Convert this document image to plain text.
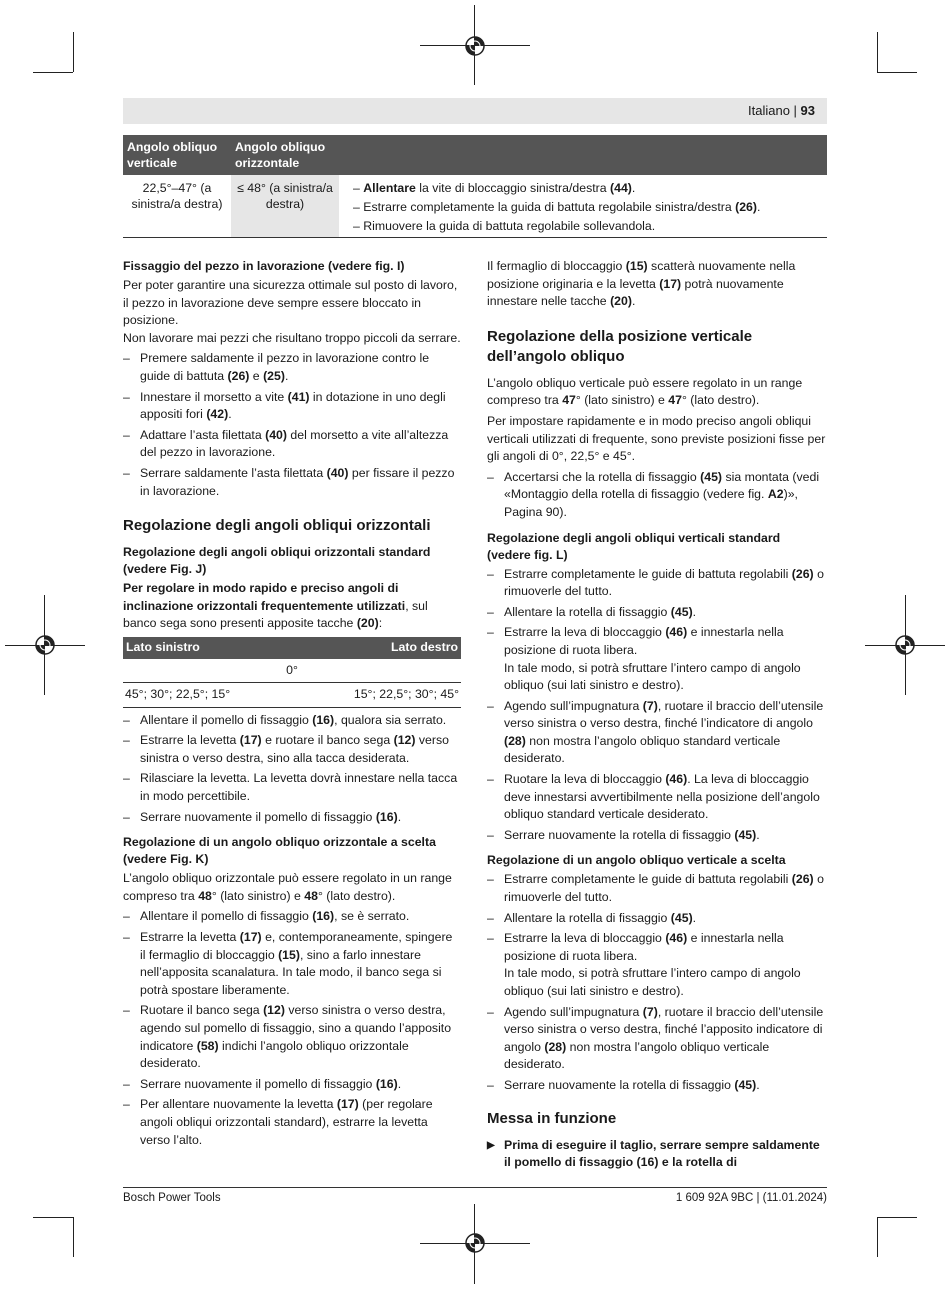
Italiano | 93
Angolo obliquo verticale	Angolo obliquo orizzontale	
22,5°–47° (a sinistra/a destra)	≤ 48° (a sinistra/a destra)	– Allentare la vite di bloccaggio sinistra/destra (44).
– Estrarre completamente la guida di battuta regolabile sinistra/destra (26).
– Rimuovere la guida di battuta regolabile sollevandola.
Fissaggio del pezzo in lavorazione (vedere fig. I)
Per poter garantire una sicurezza ottimale sul posto di lavoro, il pezzo in lavorazione deve sempre essere bloccato in posizione.
Non lavorare mai pezzi che risultano troppo piccoli da serrare.
– Premere saldamente il pezzo in lavorazione contro le guide di battuta (26) e (25).
– Innestare il morsetto a vite (41) in dotazione in uno degli appositi fori (42).
– Adattare l’asta filettata (40) del morsetto a vite all’altezza del pezzo in lavorazione.
– Serrare saldamente l’asta filettata (40) per fissare il pezzo in lavorazione.
Regolazione degli angoli obliqui orizzontali
Regolazione degli angoli obliqui orizzontali standard (vedere Fig. J)
Per regolare in modo rapido e preciso angoli di inclinazione orizzontali frequentemente utilizzati, sul banco sega sono presenti apposite tacche (20):
Lato sinistro	Lato destro
0°	
45°; 30°; 22,5°; 15°	15°; 22,5°; 30°; 45°
– Allentare il pomello di fissaggio (16), qualora sia serrato.
– Estrarre la levetta (17) e ruotare il banco sega (12) verso sinistra o verso destra, sino alla tacca desiderata.
– Rilasciare la levetta. La levetta dovrà innestare nella tacca in modo percettibile.
– Serrare nuovamente il pomello di fissaggio (16).
Regolazione di un angolo obliquo orizzontale a scelta (vedere Fig. K)
L’angolo obliquo orizzontale può essere regolato in un range compreso tra 48° (lato sinistro) e 48° (lato destro).
– Allentare il pomello di fissaggio (16), se è serrato.
– Estrarre la levetta (17) e, contemporaneamente, spingere il fermaglio di bloccaggio (15), sino a farlo innestare nell’apposita scanalatura. In tale modo, il banco sega si potrà spostare liberamente.
– Ruotare il banco sega (12) verso sinistra o verso destra, agendo sul pomello di fissaggio, sino a quando l’apposito indicatore (58) indichi l’angolo obliquo orizzontale desiderato.
– Serrare nuovamente il pomello di fissaggio (16).
– Per allentare nuovamente la levetta (17) (per regolare angoli obliqui orizzontali standard), estrarre la levetta verso l’alto.
Il fermaglio di bloccaggio (15) scatterà nuovamente nella posizione originaria e la levetta (17) potrà nuovamente innestare nelle tacche (20).
Regolazione della posizione verticale dell’angolo obliquo
L’angolo obliquo verticale può essere regolato in un range compreso tra 47° (lato sinistro) e 47° (lato destro).
Per impostare rapidamente e in modo preciso angoli obliqui verticali utilizzati di frequente, sono previste posizioni fisse per gli angoli di 0°, 22,5° e 45°.
– Accertarsi che la rotella di fissaggio (45) sia montata (vedi «Montaggio della rotella di fissaggio (vedere fig. A2)», Pagina 90).
Regolazione degli angoli obliqui verticali standard (vedere fig. L)
– Estrarre completamente le guide di battuta regolabili (26) o rimuoverle del tutto.
– Allentare la rotella di fissaggio (45).
– Estrarre la leva di bloccaggio (46) e innestarla nella posizione di ruota libera.
In tale modo, si potrà sfruttare l’intero campo di angolo obliquo (sui lati sinistro e destro).
– Agendo sull’impugnatura (7), ruotare il braccio dell’utensile verso sinistra o verso destra, finché l’indicatore di angolo (28) non mostra l’angolo obliquo standard verticale desiderato.
– Ruotare la leva di bloccaggio (46). La leva di bloccaggio deve innestarsi avvertibilmente nella posizione dell’angolo obliquo standard verticale desiderato.
– Serrare nuovamente la rotella di fissaggio (45).
Regolazione di un angolo obliquo verticale a scelta
– Estrarre completamente le guide di battuta regolabili (26) o rimuoverle del tutto.
– Allentare la rotella di fissaggio (45).
– Estrarre la leva di bloccaggio (46) e innestarla nella posizione di ruota libera.
In tale modo, si potrà sfruttare l’intero campo di angolo obliquo (sui lati sinistro e destro).
– Agendo sull’impugnatura (7), ruotare il braccio dell’utensile verso sinistra o verso destra, finché l’apposito indicatore di angolo (28) non mostra l’angolo obliquo verticale desiderato.
– Serrare nuovamente la rotella di fissaggio (45).
Messa in funzione
▶ Prima di eseguire il taglio, serrare sempre saldamente il pomello di fissaggio (16) e la rotella di
Bosch Power Tools	1 609 92A 9BC | (11.01.2024)
